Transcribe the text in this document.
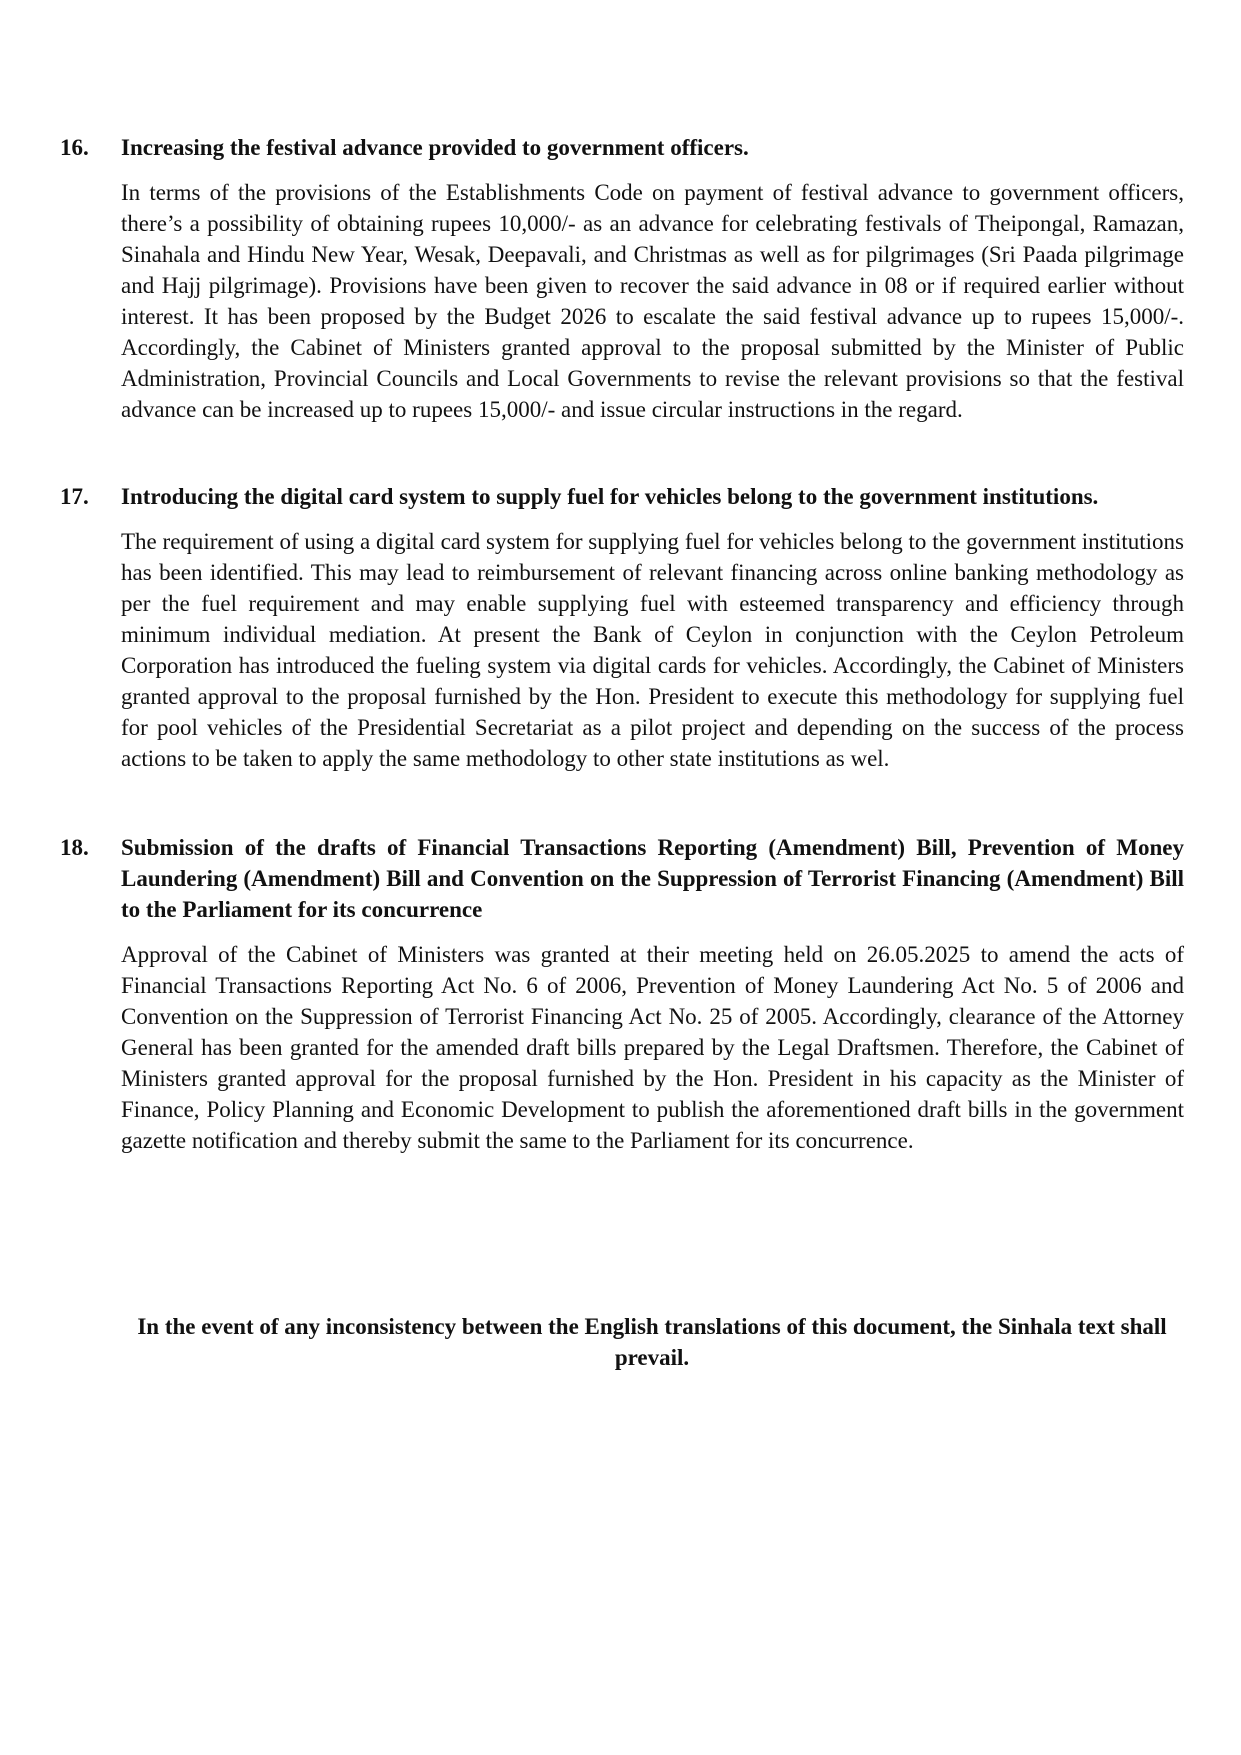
16.	Increasing the festival advance provided to government officers.
In terms of the provisions of the Establishments Code on payment of festival advance to government officers, there’s a possibility of obtaining rupees 10,000/- as an advance for celebrating festivals of Theipongal, Ramazan, Sinahala and Hindu New Year, Wesak, Deepavali, and Christmas as well as for pilgrimages (Sri Paada pilgrimage and Hajj pilgrimage). Provisions have been given to recover the said advance in 08 or if required earlier without interest. It has been proposed by the Budget 2026 to escalate the said festival advance up to rupees 15,000/-. Accordingly, the Cabinet of Ministers granted approval to the proposal submitted by the Minister of Public Administration, Provincial Councils and Local Governments to revise the relevant provisions so that the festival advance can be increased up to rupees 15,000/- and issue circular instructions in the regard.
17.	Introducing the digital card system to supply fuel for vehicles belong to the government institutions.
The requirement of using a digital card system for supplying fuel for vehicles belong to the government institutions has been identified. This may lead to reimbursement of relevant financing across online banking methodology as per the fuel requirement and may enable supplying fuel with esteemed transparency and efficiency through minimum individual mediation. At present the Bank of Ceylon in conjunction with the Ceylon Petroleum Corporation has introduced the fueling system via digital cards for vehicles. Accordingly, the Cabinet of Ministers granted approval to the proposal furnished by the Hon. President to execute this methodology for supplying fuel for pool vehicles of the Presidential Secretariat as a pilot project and depending on the success of the process actions to be taken to apply the same methodology to other state institutions as wel.
18.	Submission of the drafts of Financial Transactions Reporting (Amendment) Bill, Prevention of Money Laundering (Amendment) Bill and Convention on the Suppression of Terrorist Financing (Amendment) Bill to the Parliament for its concurrence
Approval of the Cabinet of Ministers was granted at their meeting held on 26.05.2025 to amend the acts of Financial Transactions Reporting Act No. 6 of 2006, Prevention of Money Laundering Act No. 5 of 2006 and Convention on the Suppression of Terrorist Financing Act No. 25 of 2005. Accordingly, clearance of the Attorney General has been granted for the amended draft bills prepared by the Legal Draftsmen. Therefore, the Cabinet of Ministers granted approval for the proposal furnished by the Hon. President in his capacity as the Minister of Finance, Policy Planning and Economic Development to publish the aforementioned draft bills in the government gazette notification and thereby submit the same to the Parliament for its concurrence.
In the event of any inconsistency between the English translations of this document, the Sinhala text shall prevail.
